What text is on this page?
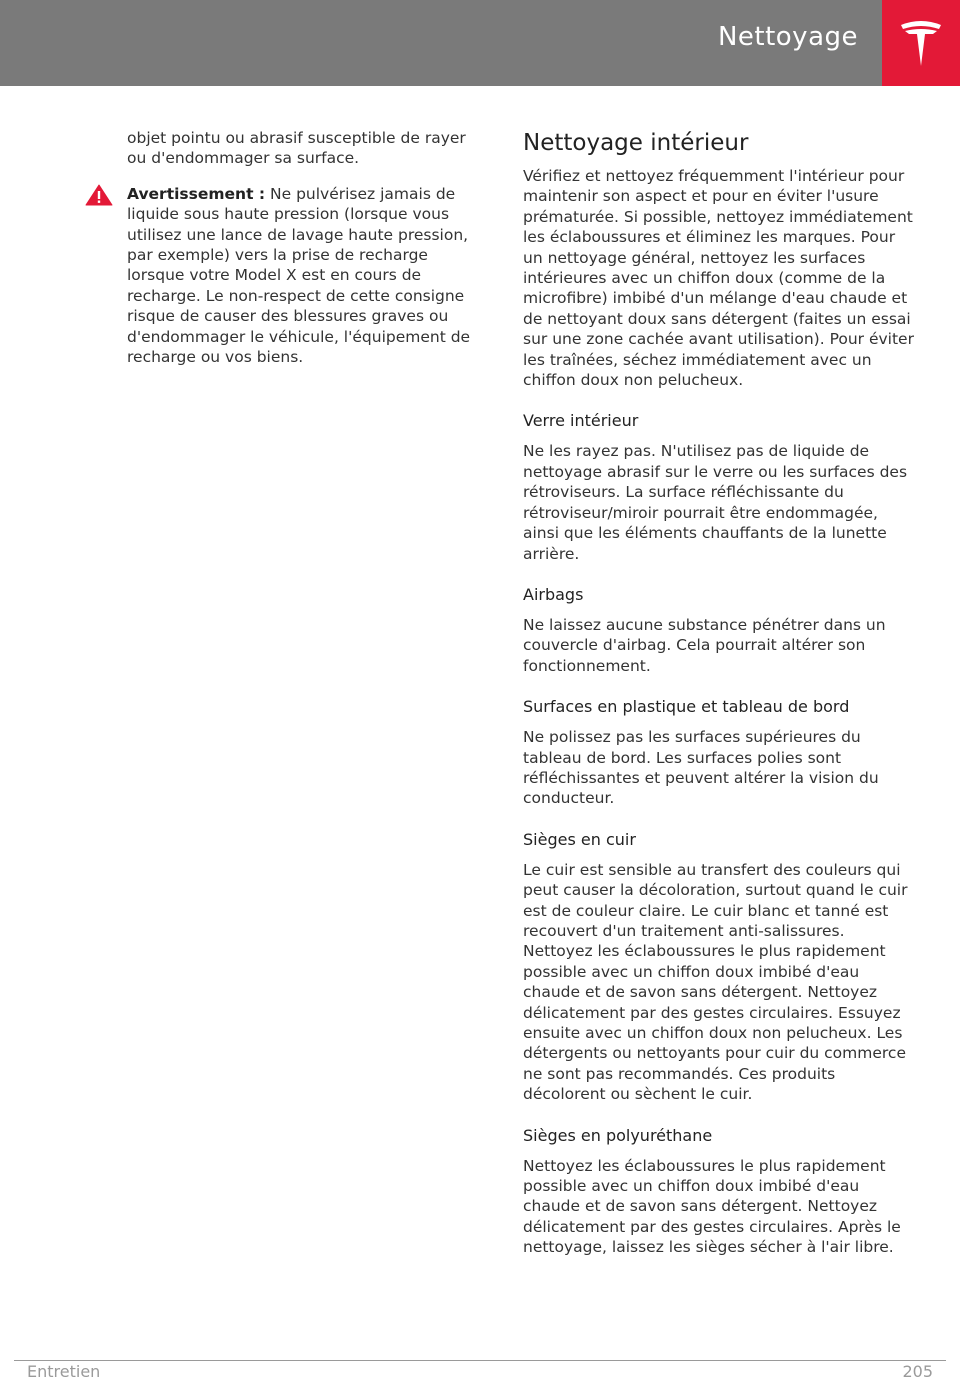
Nettoyage

objet pointu ou abrasif susceptible de rayer ou d'endommager sa surface.

Avertissement : Ne pulvérisez jamais de liquide sous haute pression (lorsque vous utilisez une lance de lavage haute pression, par exemple) vers la prise de recharge lorsque votre Model X est en cours de recharge. Le non-respect de cette consigne risque de causer des blessures graves ou d'endommager le véhicule, l'équipement de recharge ou vos biens.

Nettoyage intérieur

Vérifiez et nettoyez fréquemment l'intérieur pour maintenir son aspect et pour en éviter l'usure prématurée. Si possible, nettoyez immédiatement les éclaboussures et éliminez les marques. Pour un nettoyage général, nettoyez les surfaces intérieures avec un chiffon doux (comme de la microfibre) imbibé d'un mélange d'eau chaude et de nettoyant doux sans détergent (faites un essai sur une zone cachée avant utilisation). Pour éviter les traînées, séchez immédiatement avec un chiffon doux non pelucheux.

Verre intérieur

Ne les rayez pas. N'utilisez pas de liquide de nettoyage abrasif sur le verre ou les surfaces des rétroviseurs. La surface réfléchissante du rétroviseur/miroir pourrait être endommagée, ainsi que les éléments chauffants de la lunette arrière.

Airbags

Ne laissez aucune substance pénétrer dans un couvercle d'airbag. Cela pourrait altérer son fonctionnement.

Surfaces en plastique et tableau de bord

Ne polissez pas les surfaces supérieures du tableau de bord. Les surfaces polies sont réfléchissantes et peuvent altérer la vision du conducteur.

Sièges en cuir

Le cuir est sensible au transfert des couleurs qui peut causer la décoloration, surtout quand le cuir est de couleur claire. Le cuir blanc et tanné est recouvert d'un traitement anti-salissures. Nettoyez les éclaboussures le plus rapidement possible avec un chiffon doux imbibé d'eau chaude et de savon sans détergent. Nettoyez délicatement par des gestes circulaires. Essuyez ensuite avec un chiffon doux non pelucheux. Les détergents ou nettoyants pour cuir du commerce ne sont pas recommandés. Ces produits décolorent ou sèchent le cuir.

Sièges en polyuréthane

Nettoyez les éclaboussures le plus rapidement possible avec un chiffon doux imbibé d'eau chaude et de savon sans détergent. Nettoyez délicatement par des gestes circulaires. Après le nettoyage, laissez les sièges sécher à l'air libre.

Entretien	205
